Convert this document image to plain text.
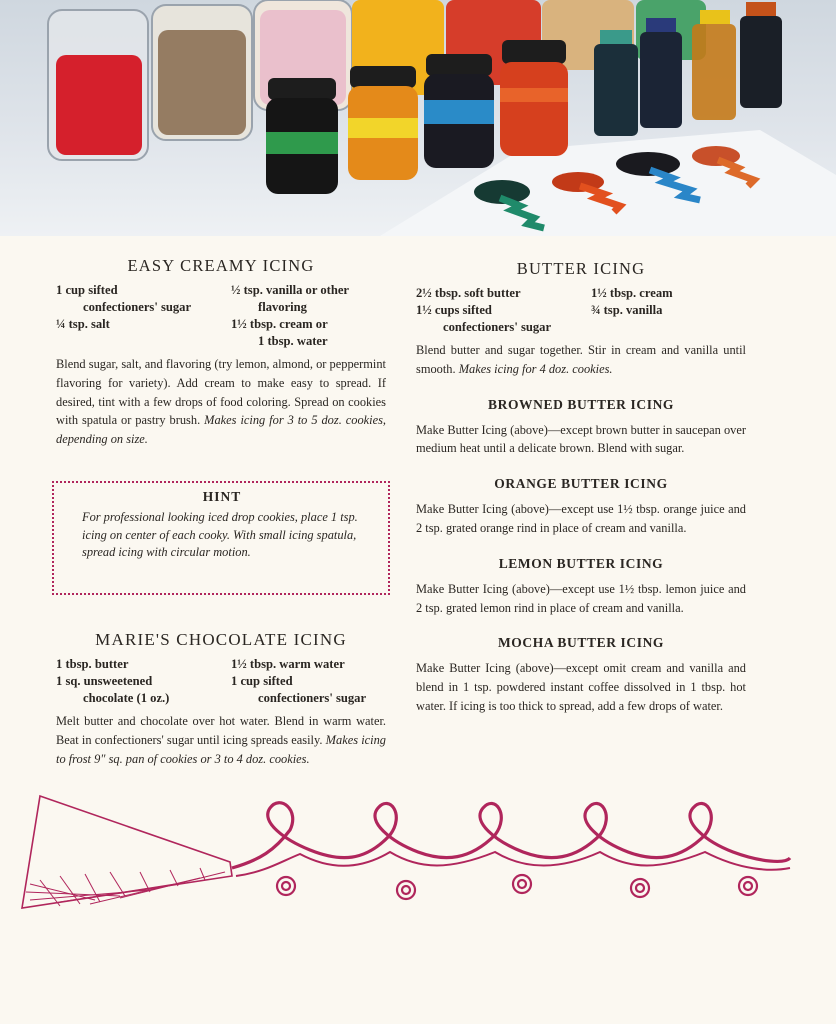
EASY CREAMY ICING
1 cup sifted
confectioners' sugar
¼ tsp. salt
½ tsp. vanilla or other
flavoring
1½ tbsp. cream or
1 tbsp. water

Blend sugar, salt, and flavoring (try lemon, almond, or peppermint flavoring for variety). Add cream to make easy to spread. If desired, tint with a few drops of food coloring. Spread on cookies with spatula or pastry brush. Makes icing for 3 to 5 doz. cookies, depending on size.

HINT

For professional looking iced drop cookies, place 1 tsp. icing on center of each cooky. With small icing spatula, spread icing with circular motion.

MARIE'S CHOCOLATE ICING
1 tbsp. butter
1 sq. unsweetened
chocolate (1 oz.)
1½ tbsp. warm water
1 cup sifted
confectioners' sugar

Melt butter and chocolate over hot water. Blend in warm water. Beat in confectioners' sugar until icing spreads easily. Makes icing to frost 9" sq. pan of cookies or 3 to 4 doz. cookies.

BUTTER ICING
2½ tbsp. soft butter
1½ cups sifted
confectioners' sugar
1½ tbsp. cream
¾ tsp. vanilla

Blend butter and sugar together. Stir in cream and vanilla until smooth. Makes icing for 4 doz. cookies.

BROWNED BUTTER ICING

Make Butter Icing (above)—except brown butter in saucepan over medium heat until a delicate brown. Blend with sugar.

ORANGE BUTTER ICING

Make Butter Icing (above)—except use 1½ tbsp. orange juice and 2 tsp. grated orange rind in place of cream and vanilla.

LEMON BUTTER ICING

Make Butter Icing (above)—except use 1½ tbsp. lemon juice and 2 tsp. grated lemon rind in place of cream and vanilla.

MOCHA BUTTER ICING

Make Butter Icing (above)—except omit cream and vanilla and blend in 1 tsp. powdered instant coffee dissolved in 1 tbsp. hot water. If icing is too thick to spread, add a few drops of water.
